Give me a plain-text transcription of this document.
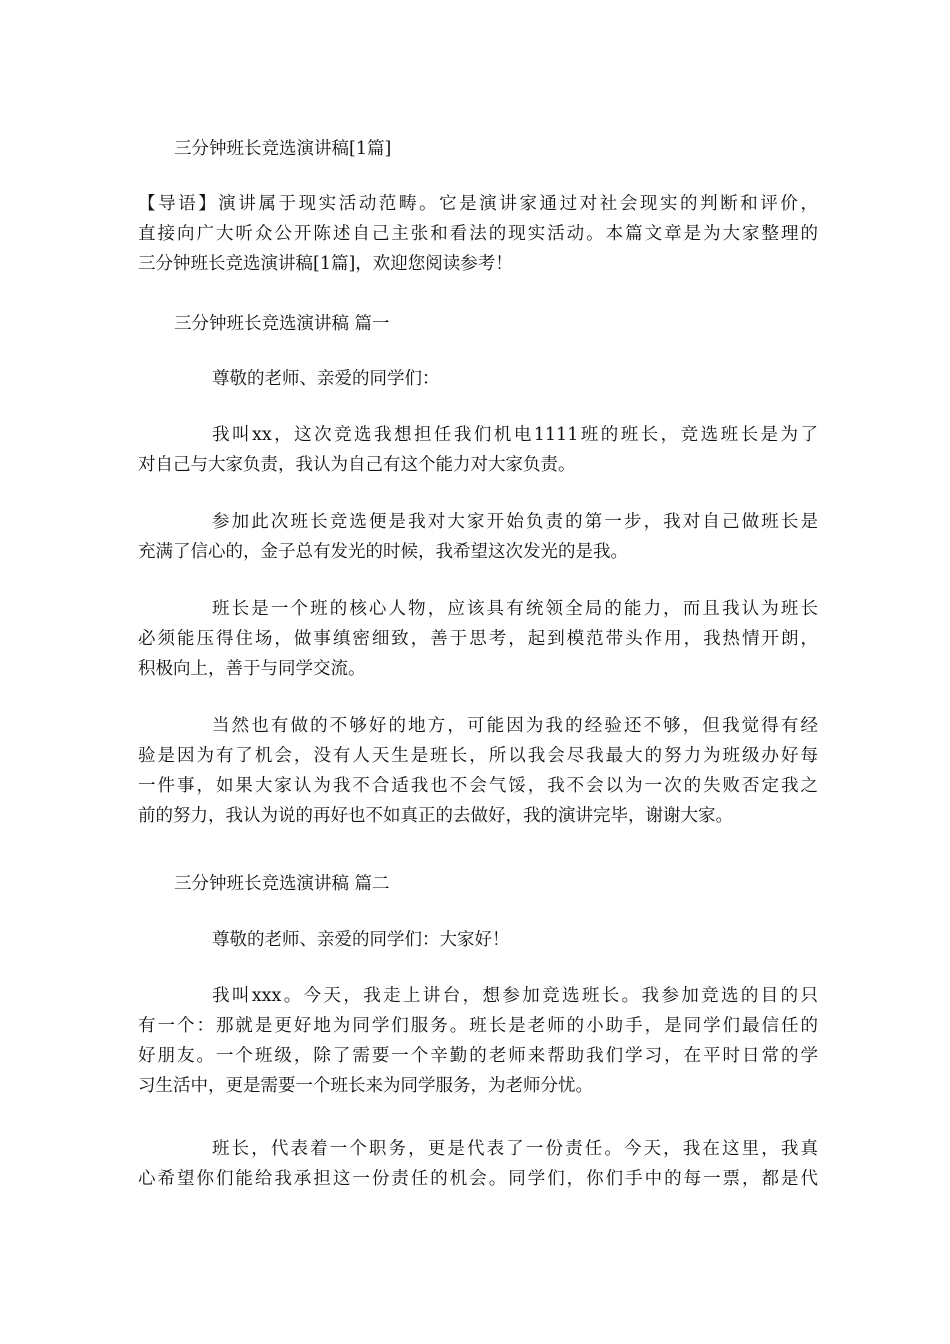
三分钟班长竞选演讲稿[1篇]

【导语】演讲属于现实活动范畴。它是演讲家通过对社会现实的判断和评价，
直接向广大听众公开陈述自己主张和看法的现实活动。本篇文章是为大家整理的
三分钟班长竞选演讲稿[1篇]，欢迎您阅读参考！

三分钟班长竞选演讲稿 篇一

尊敬的老师、亲爱的同学们：

我叫xx，这次竞选我想担任我们机电1111班的班长，竞选班长是为了
对自己与大家负责，我认为自己有这个能力对大家负责。

参加此次班长竞选便是我对大家开始负责的第一步，我对自己做班长是
充满了信心的，金子总有发光的时候，我希望这次发光的是我。

班长是一个班的核心人物，应该具有统领全局的能力，而且我认为班长
必须能压得住场，做事缜密细致，善于思考，起到模范带头作用，我热情开朗，
积极向上，善于与同学交流。

当然也有做的不够好的地方，可能因为我的经验还不够，但我觉得有经
验是因为有了机会，没有人天生是班长，所以我会尽我最大的努力为班级办好每
一件事，如果大家认为我不合适我也不会气馁，我不会以为一次的失败否定我之
前的努力，我认为说的再好也不如真正的去做好，我的演讲完毕，谢谢大家。

三分钟班长竞选演讲稿 篇二

尊敬的老师、亲爱的同学们：大家好！

我叫xxx。今天，我走上讲台，想参加竞选班长。我参加竞选的目的只
有一个：那就是更好地为同学们服务。班长是老师的小助手，是同学们最信任的
好朋友。一个班级，除了需要一个辛勤的老师来帮助我们学习，在平时日常的学
习生活中，更是需要一个班长来为同学服务，为老师分忧。

班长，代表着一个职务，更是代表了一份责任。今天，我在这里，我真
心希望你们能给我承担这一份责任的机会。同学们，你们手中的每一票，都是代
